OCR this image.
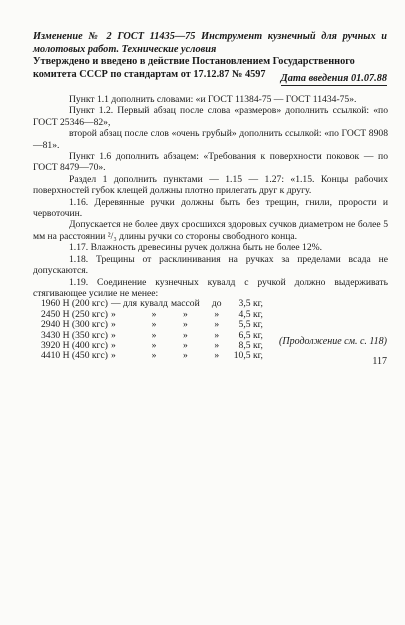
Изменение № 2 ГОСТ 11435—75 Инструмент кузнечный для ручных и молотовых работ. Технические условия
Утверждено и введено в действие Постановлением Государственного комитета СССР по стандартам от 17.12.87 № 4597	Дата введения 01.07.88

Пункт 1.1 дополнить словами: «и ГОСТ 11384-75 — ГОСТ 11434-75».

Пункт 1.2. Первый абзац после слова «размеров» дополнить ссылкой: «по ГОСТ 25346—82»,

второй абзац после слов «очень грубый» дополнить ссылкой: «по ГОСТ 8908—81».

Пункт 1.6 дополнить абзацем: «Требования к поверхности поковок — по ГОСТ 8479—70».

Раздел 1 дополнить пунктами — 1.15 — 1.27: «1.15. Концы рабочих поверхностей губок клещей должны плотно прилегать друг к другу.

1.16. Деревянные ручки должны быть без трещин, гнили, прорости и червоточин.

Допускается не более двух сросшихся здоровых сучков диаметром не более 5 мм на расстоянии ²/₃ длины ручки со стороны свободного конца.

1.17. Влажность древесины ручек должна быть не более 12%.

1.18. Трещины от расклинивания на ручках за пределами всада не допускаются.

1.19. Соединение кузнечных кувалд с ручкой должно выдерживать стягивающее усилие не менее:

1960 Н (200 кгс)	— для	кувалд	массой	до	3,5 кг,
2450 Н (250 кгс)	»	»	»	»	4,5 кг,
2940 Н (300 кгс)	»	»	»	»	5,5 кг,
3430 Н (350 кгс)	»	»	»	»	6,5 кг,
3920 Н (400 кгс)	»	»	»	»	8,5 кг,
4410 Н (450 кгс)	»	»	»	»	10,5 кг,
(Продолжение см. с. 118)
117
